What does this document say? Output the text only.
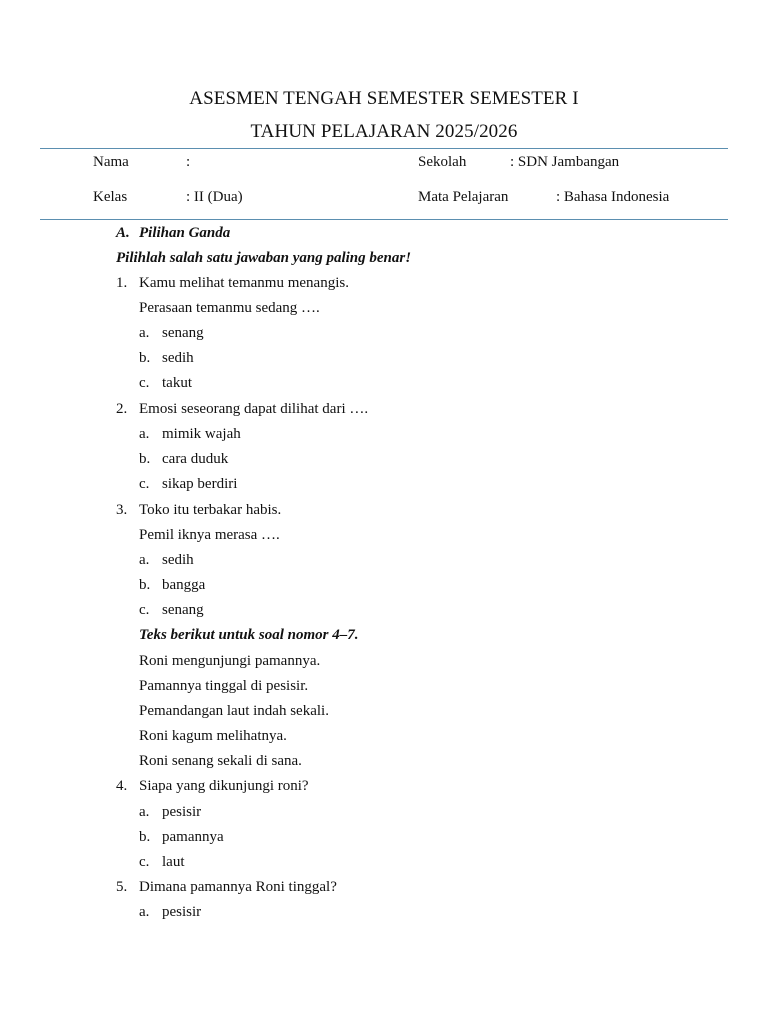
ASESMEN TENGAH SEMESTER SEMESTER I
TAHUN PELAJARAN 2025/2026
Nama	:	Sekolah	: SDN Jambangan
Kelas	: II (Dua)	Mata Pelajaran	: Bahasa Indonesia
A. Pilihan Ganda
Pilihlah salah satu jawaban yang paling benar!
1. Kamu melihat temanmu menangis.
Perasaan temanmu sedang ….
a. senang
b. sedih
c. takut
2. Emosi seseorang dapat dilihat dari ….
a. mimik wajah
b. cara duduk
c. sikap berdiri
3. Toko itu terbakar habis.
Pemil iknya merasa ….
a. sedih
b. bangga
c. senang
Teks berikut untuk soal nomor 4–7.
Roni mengunjungi pamannya.
Pamannya tinggal di pesisir.
Pemandangan laut indah sekali.
Roni kagum melihatnya.
Roni senang sekali di sana.
4. Siapa yang dikunjungi roni?
a. pesisir
b. pamannya
c. laut
5. Dimana pamannya Roni tinggal?
a. pesisir
